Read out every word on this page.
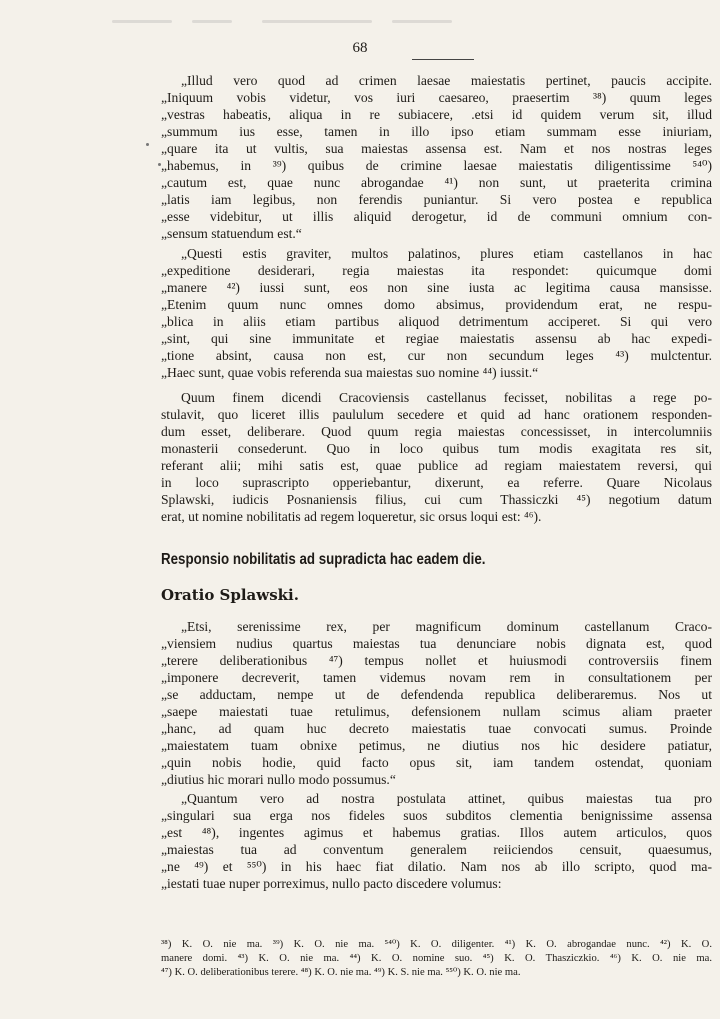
68

„Illud vero quod ad crimen laesae maiestatis pertinet, paucis accipite.

„Iniquum vobis videtur, vos iuri caesareo, praesertim ³⁸) quum leges

„vestras habeatis, aliqua in re subiacere, .etsi id quidem verum sit, illud

„summum ius esse, tamen in illo ipso etiam summam esse iniuriam,

„quare ita ut vultis, sua maiestas assensa est. Nam et nos nostras leges

„habemus, in ³⁹) quibus de crimine laesae maiestatis diligentissime ⁵⁴⁰)

„cautum est, quae nunc abrogandae ⁴¹) non sunt, ut praeterita crimina

„latis iam legibus, non ferendis puniantur. Si vero postea e republica

„esse videbitur, ut illis aliquid derogetur, id de communi omnium con-

„sensum statuendum est.“

„Questi estis graviter, multos palatinos, plures etiam castellanos in hac

„expeditione desiderari, regia maiestas ita respondet: quicumque domi

„manere ⁴²) iussi sunt, eos non sine iusta ac legitima causa mansisse.

„Etenim quum nunc omnes domo absimus, providendum erat, ne respu-

„blica in aliis etiam partibus aliquod detrimentum acciperet. Si qui vero

„sint, qui sine immunitate et regiae maiestatis assensu ab hac expedi-

„tione absint, causa non est, cur non secundum leges ⁴³) mulctentur.

„Haec sunt, quae vobis referenda sua maiestas suo nomine ⁴⁴) iussit.“

Quum finem dicendi Cracoviensis castellanus fecisset, nobilitas a rege po-

stulavit, quo liceret illis paululum secedere et quid ad hanc orationem responden-

dum esset, deliberare. Quod quum regia maiestas concessisset, in intercolumniis

monasterii consederunt. Quo in loco quibus tum modis exagitata res sit,

referant alii; mihi satis est, quae publice ad regiam maiestatem reversi, qui

in loco suprascripto opperiebantur, dixerunt, ea referre. Quare Nicolaus

Splawski, iudicis Posnaniensis filius, cui cum Thassiczki ⁴⁵) negotium datum

erat, ut nomine nobilitatis ad regem loqueretur, sic orsus loqui est: ⁴⁶).

Responsio nobilitatis ad supradicta hac eadem die.
Oratio Splawski.

„Etsi, serenissime rex, per magnificum dominum castellanum Craco-

„viensiem nudius quartus maiestas tua denunciare nobis dignata est, quod

„terere deliberationibus ⁴⁷) tempus nollet et huiusmodi controversiis finem

„imponere decreverit, tamen videmus novam rem in consultationem per

„se adductam, nempe ut de defendenda republica deliberaremus. Nos ut

„saepe maiestati tuae retulimus, defensionem nullam scimus aliam praeter

„hanc, ad quam huc decreto maiestatis tuae convocati sumus. Proinde

„maiestatem tuam obnixe petimus, ne diutius nos hic desidere patiatur,

„quin nobis hodie, quid facto opus sit, iam tandem ostendat, quoniam

„diutius hic morari nullo modo possumus.“

„Quantum vero ad nostra postulata attinet, quibus maiestas tua pro

„singulari sua erga nos fideles suos subditos clementia benignissime assensa

„est ⁴⁸), ingentes agimus et habemus gratias. Illos autem articulos, quos

„maiestas tua ad conventum generalem reiiciendos censuit, quaesumus,

„ne ⁴⁹) et ⁵⁵⁰) in his haec fiat dilatio. Nam nos ab illo scripto, quod ma-

„iestati tuae nuper porreximus, nullo pacto discedere volumus:

³⁸) K. O. nie ma. ³⁹) K. O. nie ma. ⁵⁴⁰) K. O. diligenter. ⁴¹) K. O. abrogandae nunc. ⁴²) K. O.

manere domi. ⁴³) K. O. nie ma. ⁴⁴) K. O. nomine suo. ⁴⁵) K. O. Thasziczkio. ⁴⁶) K. O. nie ma.

⁴⁷) K. O. deliberationibus terere. ⁴⁸) K. O. nie ma. ⁴⁹) K. S. nie ma. ⁵⁵⁰) K. O. nie ma.
